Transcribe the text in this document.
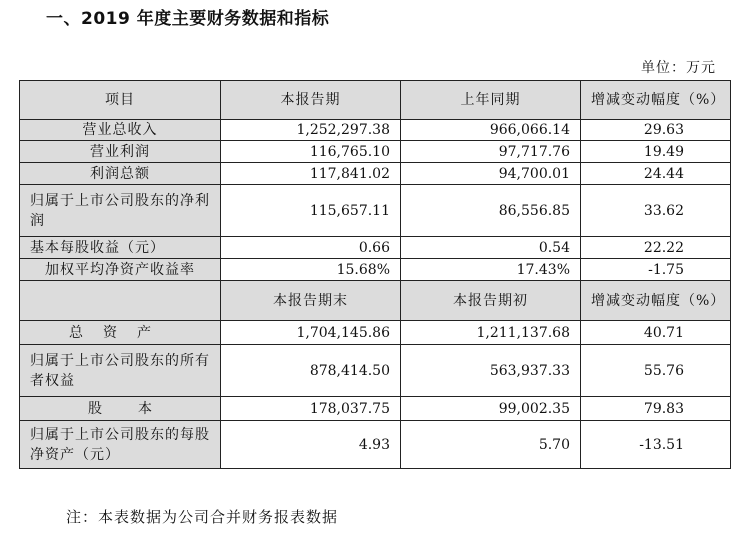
一、2019 年度主要财务数据和指标
单位：万元
项目	本报告期	上年同期	增减变动幅度（%）
营业总收入	1,252,297.38	966,066.14	29.63
营业利润	116,765.10	97,717.76	19.49
利润总额	117,841.02	94,700.01	24.44
归属于上市公司股东的净利润	115,657.11	86,556.85	33.62
基本每股收益（元）	0.66	0.54	22.22
加权平均净资产收益率	15.68%	17.43%	-1.75
	本报告期末	本报告期初	增减变动幅度（%）
总资产	1,704,145.86	1,211,137.68	40.71
归属于上市公司股东的所有者权益	878,414.50	563,937.33	55.76
股本	178,037.75	99,002.35	79.83
归属于上市公司股东的每股净资产（元）	4.93	5.70	-13.51
注：本表数据为公司合并财务报表数据
